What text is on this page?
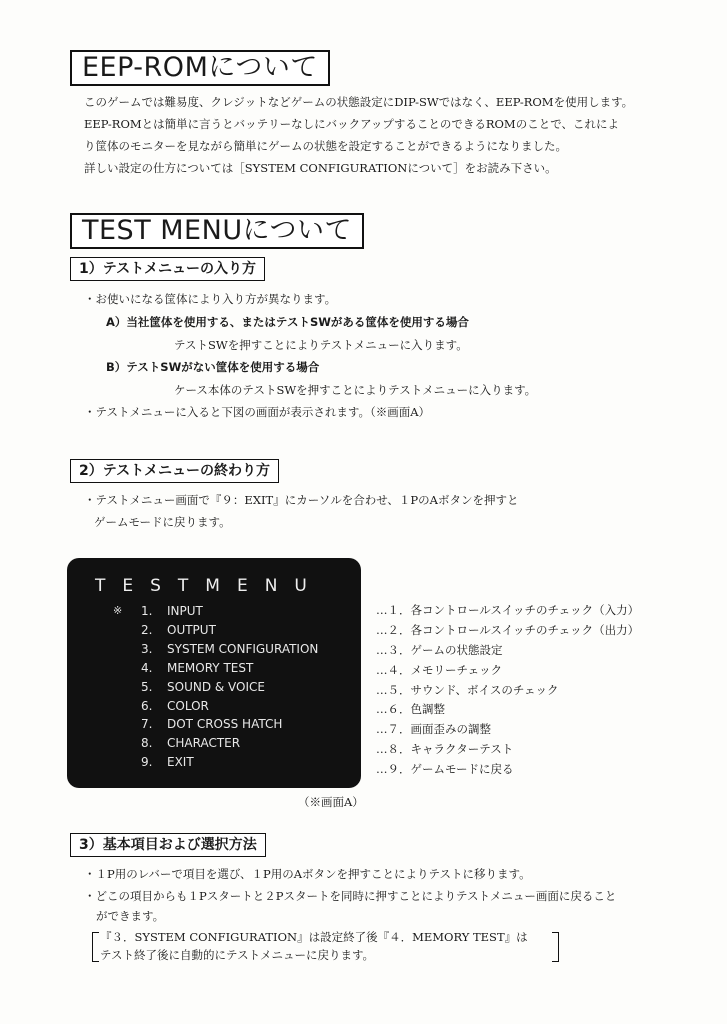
EEP-ROMについて
このゲームでは難易度、クレジットなどゲームの状態設定にDIP-SWではなく、EEP-ROMを使用します。
EEP-ROMとは簡単に言うとバッテリーなしにバックアップすることのできるROMのことで、これによ
り筐体のモニターを見ながら簡単にゲームの状態を設定することができるようになりました。
詳しい設定の仕方については［SYSTEM CONFIGURATIONについて］をお読み下さい。
TEST MENUについて
1）テストメニューの入り方
・お使いになる筐体により入り方が異なります。
A）当社筐体を使用する、またはテストSWがある筐体を使用する場合
テストSWを押すことによりテストメニューに入ります。
B）テストSWがない筐体を使用する場合
ケース本体のテストSWを押すことによりテストメニューに入ります。
・テストメニューに入ると下図の画面が表示されます。（※画面A）
2）テストメニューの終わり方
・テストメニュー画面で『９：EXIT』にカーソルを合わせ、１PのAボタンを押すと
ゲームモードに戻ります。
TESTMENU
※ 1. INPUT
2. OUTPUT
3. SYSTEM CONFIGURATION
4. MEMORY TEST
5. SOUND & VOICE
6. COLOR
7. DOT CROSS HATCH
8. CHARACTER
9. EXIT
（※画面A）
…１．各コントロールスイッチのチェック（入力）
…２．各コントロールスイッチのチェック（出力）
…３．ゲームの状態設定
…４．メモリーチェック
…５．サウンド、ボイスのチェック
…６．色調整
…７．画面歪みの調整
…８．キャラクターテスト
…９．ゲームモードに戻る
3）基本項目および選択方法
・１P用のレバーで項目を選び、１P用のAボタンを押すことによりテストに移ります。
・どこの項目からも１Pスタートと２Pスタートを同時に押すことによりテストメニュー画面に戻ること
ができます。
『３．SYSTEM CONFIGURATION』は設定終了後『４．MEMORY TEST』は
テスト終了後に自動的にテストメニューに戻ります。
